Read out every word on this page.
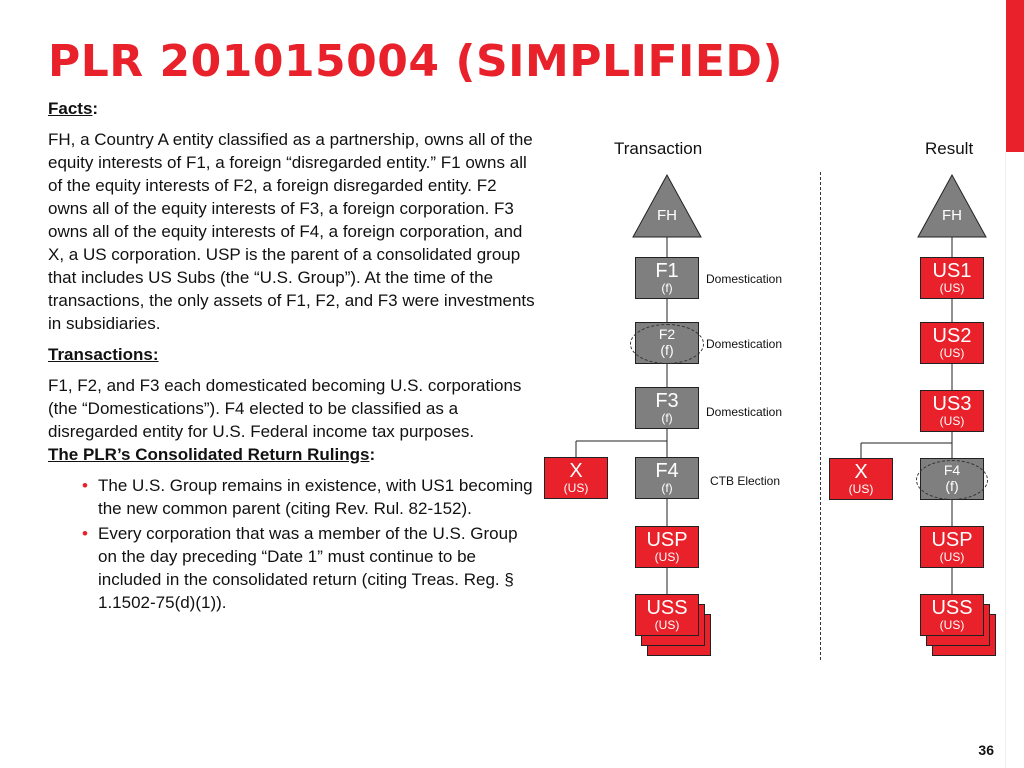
PLR 201015004 (SIMPLIFIED)

Facts:

FH, a Country A entity classified as a partnership, owns all of the equity interests of F1, a foreign “disregarded entity.” F1 owns all of the equity interests of F2, a foreign disregarded entity. F2 owns all of the equity interests of F3, a foreign corporation. F3 owns all of the equity interests of F4, a foreign corporation, and X, a US corporation. USP is the parent of a consolidated group that includes US Subs (the “U.S. Group”). At the time of the transactions, the only assets of F1, F2, and F3 were investments in subsidiaries.

Transactions:

F1, F2, and F3 each domesticated becoming U.S. corporations (the “Domestications”). F4 elected to be classified as a disregarded entity for U.S. Federal income tax purposes.

The PLR’s Consolidated Return Rulings:

• The U.S. Group remains in existence, with US1 becoming the new common parent (citing Rev. Rul. 82-152).
• Every corporation that was a member of the U.S. Group on the day preceding “Date 1” must continue to be included in the consolidated return (citing Treas. Reg. § 1.1502-75(d)(1)).
Transaction	Result
FH	FH
F1
(f)
F2
(f)
F3
(f)
F4
(f)
X
(US)
USP
(US)
USS
(US)
Domestication
Domestication
Domestication
CTB Election
US1
(US)
US2
(US)
US3
(US)
F4
(f)
X
(US)
USP
(US)
USS
(US)
36
